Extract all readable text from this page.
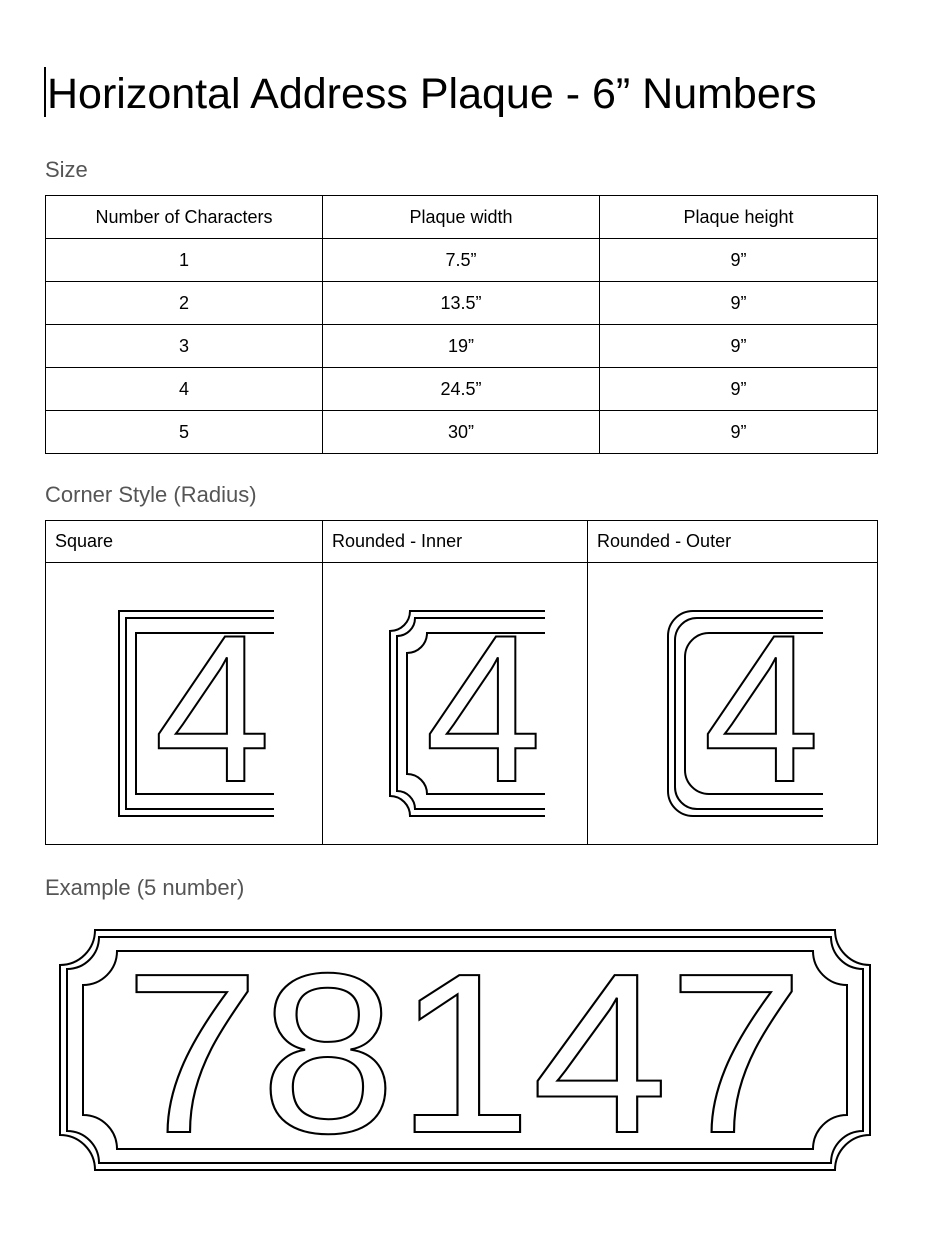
Horizontal Address Plaque - 6” Numbers
Size
Number of Characters	Plaque width	Plaque height
1	7.5”	9”
2	13.5”	9”
3	19”	9”
4	24.5”	9”
5	30”	9”
Corner Style (Radius)
Square	Rounded - Inner	Rounded - Outer

4	4	4
Example (5 number)
78147
